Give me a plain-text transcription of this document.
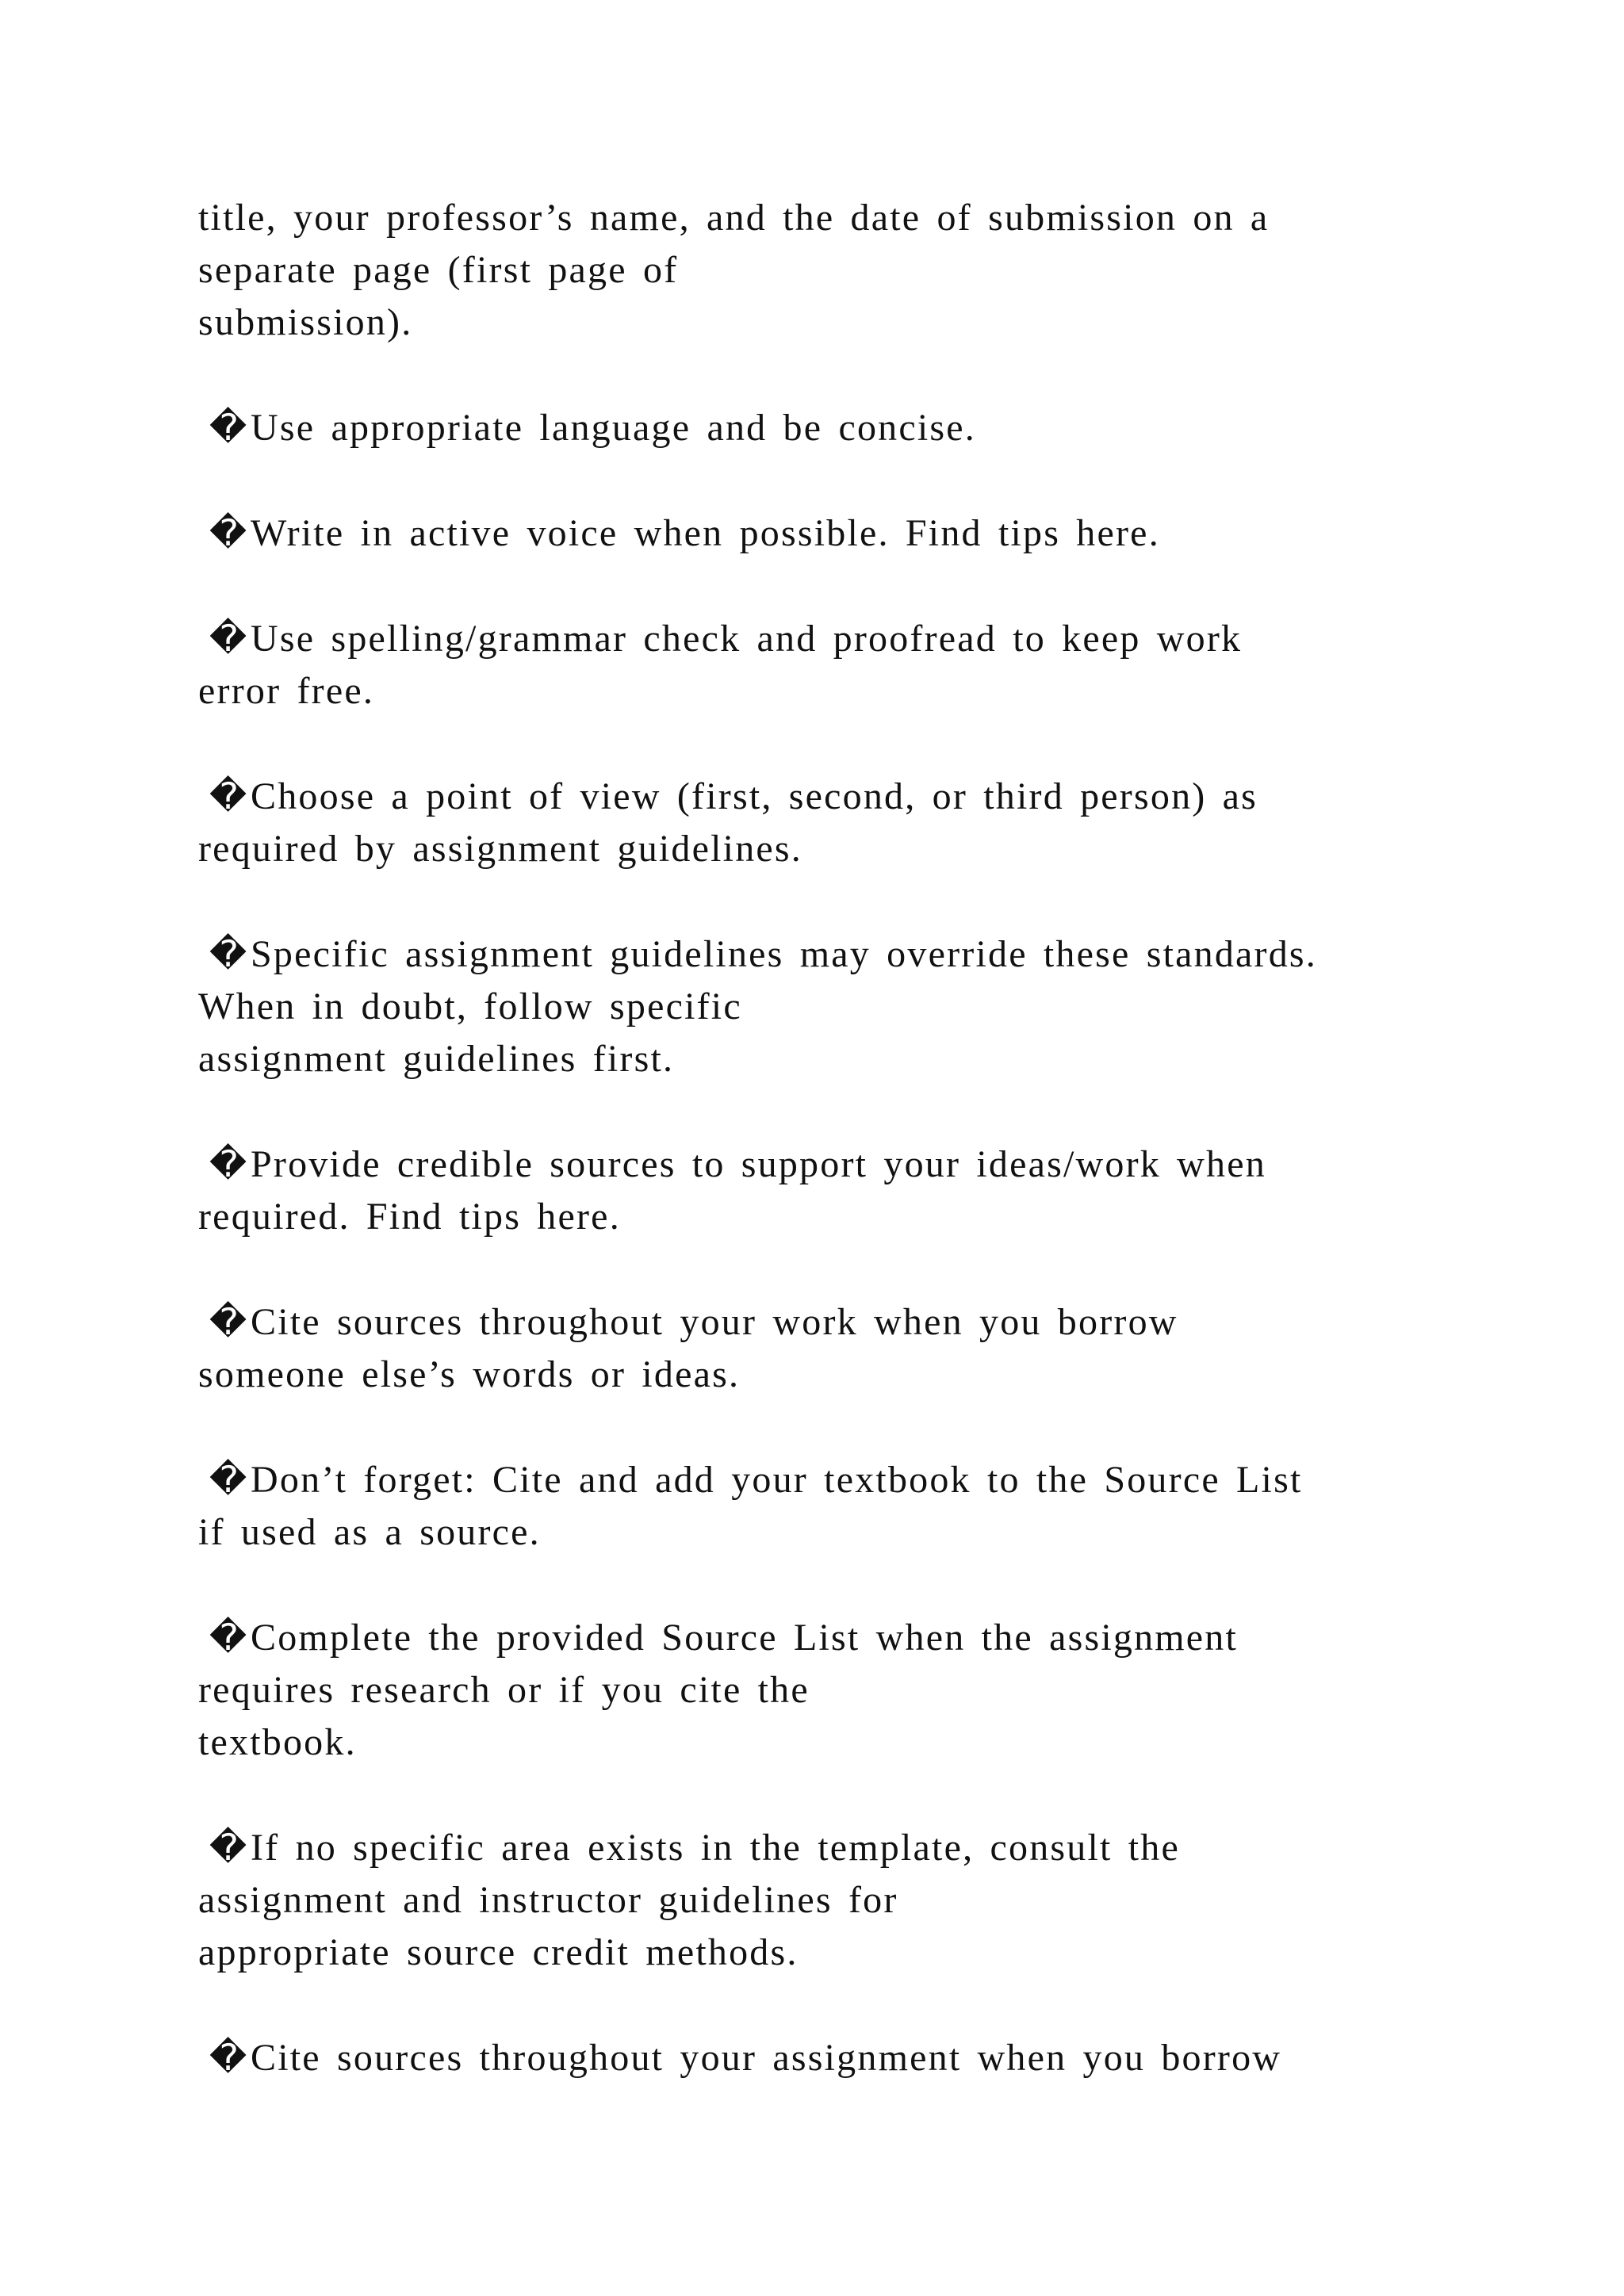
title, your professor’s name, and the date of submission on a
separate page (first page of
submission).

� Use appropriate language and be concise.

� Write in active voice when possible. Find tips here.

� Use spelling/grammar check and proofread to keep work
error free.

� Choose a point of view (first, second, or third person) as
required by assignment guidelines.

� Specific assignment guidelines may override these standards.
When in doubt, follow specific
assignment guidelines first.

� Provide credible sources to support your ideas/work when
required. Find tips here.

� Cite sources throughout your work when you borrow
someone else’s words or ideas.

� Don’t forget: Cite and add your textbook to the Source List
if used as a source.

� Complete the provided Source List when the assignment
requires research or if you cite the
textbook.

� If no specific area exists in the template, consult the
assignment and instructor guidelines for
appropriate source credit methods.

� Cite sources throughout your assignment when you borrow
